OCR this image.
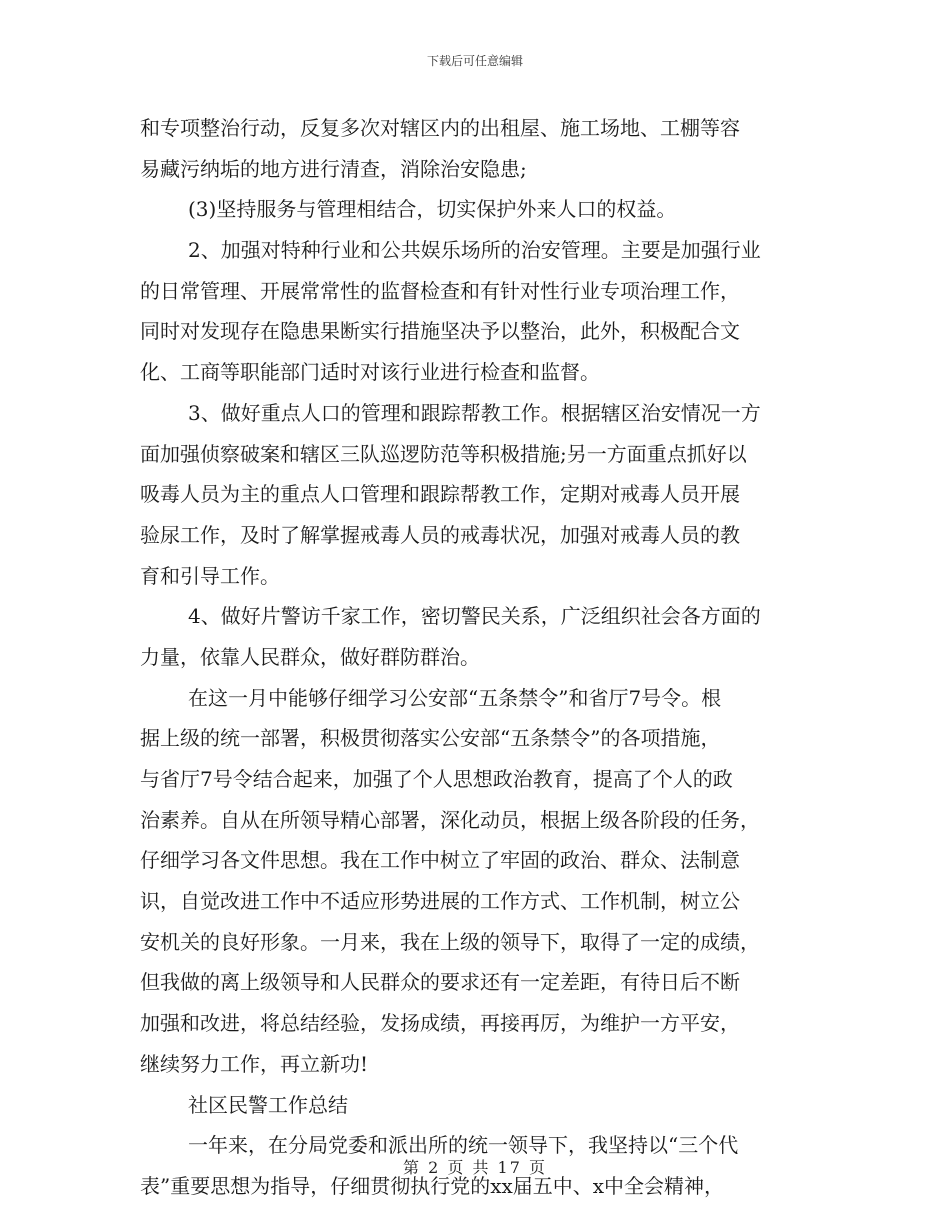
下载后可任意编辑
和专项整治行动，反复多次对辖区内的出租屋、施工场地、工棚等容
易藏污纳垢的地方进行清查，消除治安隐患;
(3)坚持服务与管理相结合，切实保护外来人口的权益。
2、加强对特种行业和公共娱乐场所的治安管理。主要是加强行业
的日常管理、开展常常性的监督检查和有针对性行业专项治理工作，
同时对发现存在隐患果断实行措施坚决予以整治，此外，积极配合文
化、工商等职能部门适时对该行业进行检查和监督。
3、做好重点人口的管理和跟踪帮教工作。根据辖区治安情况一方
面加强侦察破案和辖区三队巡逻防范等积极措施;另一方面重点抓好以
吸毒人员为主的重点人口管理和跟踪帮教工作，定期对戒毒人员开展
验尿工作，及时了解掌握戒毒人员的戒毒状况，加强对戒毒人员的教
育和引导工作。
4、做好片警访千家工作，密切警民关系，广泛组织社会各方面的
力量，依靠人民群众，做好群防群治。
在这一月中能够仔细学习公安部“五条禁令”和省厅7号令。根
据上级的统一部署，积极贯彻落实公安部“五条禁令”的各项措施，
与省厅7号令结合起来，加强了个人思想政治教育，提高了个人的政
治素养。自从在所领导精心部署，深化动员，根据上级各阶段的任务，
仔细学习各文件思想。我在工作中树立了牢固的政治、群众、法制意
识，自觉改进工作中不适应形势进展的工作方式、工作机制，树立公
安机关的良好形象。一月来，我在上级的领导下，取得了一定的成绩，
但我做的离上级领导和人民群众的要求还有一定差距，有待日后不断
加强和改进，将总结经验，发扬成绩，再接再厉，为维护一方平安，
继续努力工作，再立新功!
社区民警工作总结
一年来，在分局党委和派出所的统一领导下，我坚持以“三个代
表”重要思想为指导，仔细贯彻执行党的xx届五中、x中全会精神，
第 2 页 共 17 页
